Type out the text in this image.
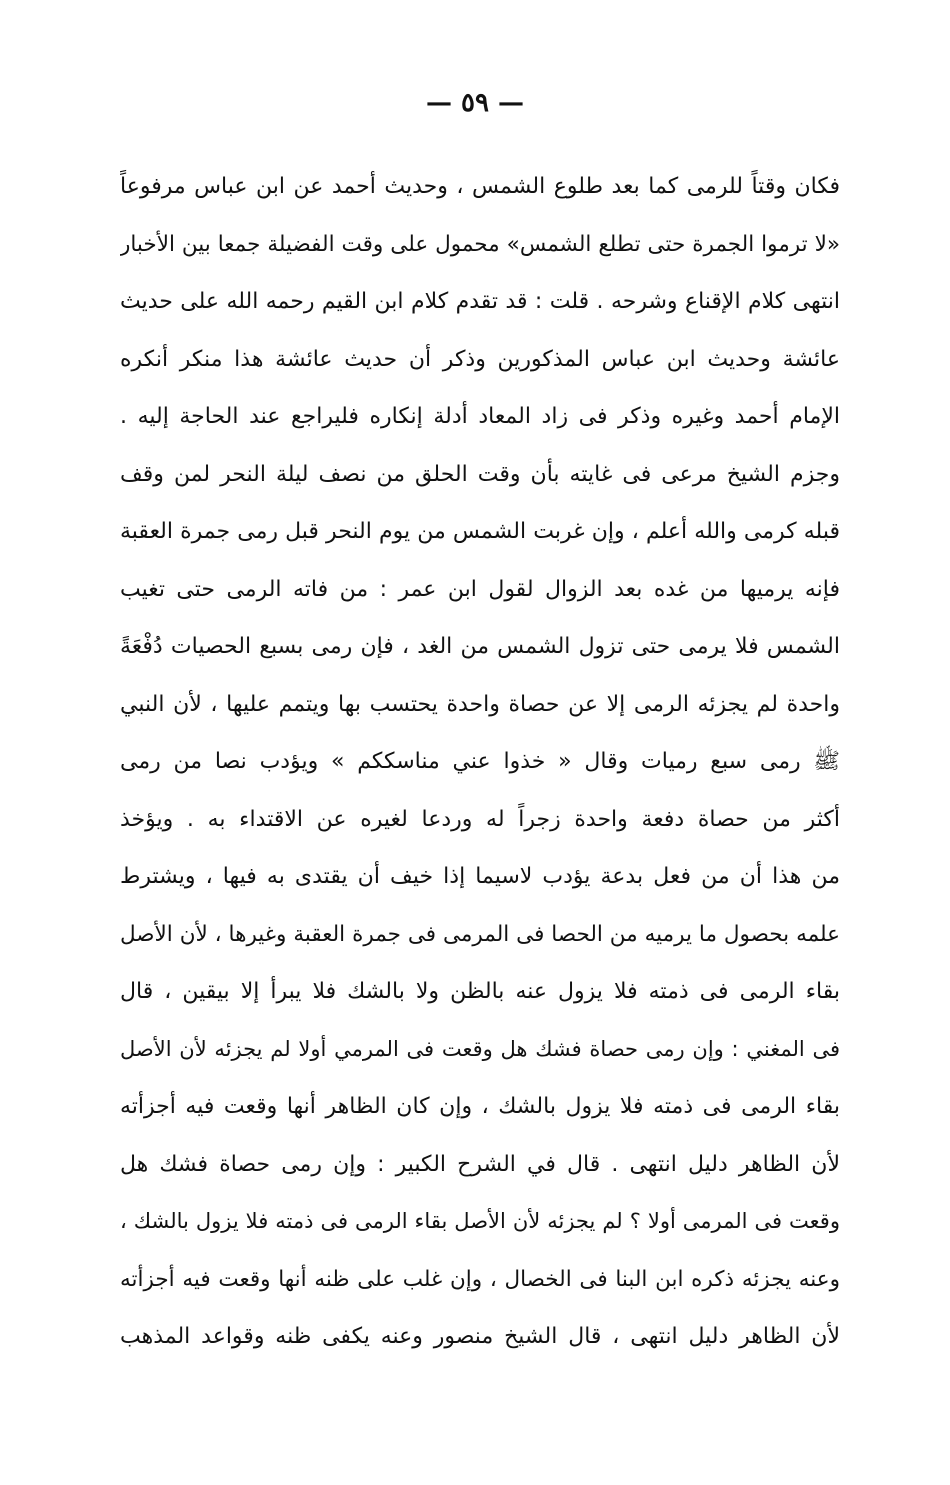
— ٥٩ —
فكان وقتاً للرمى كما بعد طلوع الشمس ، وحديث أحمد عن ابن عباس مرفوعاً
«لا ترموا الجمرة حتى تطلع الشمس» محمول على وقت الفضيلة جمعا بين الأخبار
انتهى كلام الإقناع وشرحه . قلت : قد تقدم كلام ابن القيم رحمه الله على حديث
عائشة وحديث ابن عباس المذكورين وذكر أن حديث عائشة هذا منكر أنكره
الإمام أحمد وغيره وذكر فى زاد المعاد أدلة إنكاره فليراجع عند الحاجة إليه .
وجزم الشيخ مرعى فى غايته بأن وقت الحلق من نصف ليلة النحر لمن وقف
قبله كرمى والله أعلم ، وإن غربت الشمس من يوم النحر قبل رمى جمرة العقبة
فإنه يرميها من غده بعد الزوال لقول ابن عمر : من فاته الرمى حتى تغيب
الشمس فلا يرمى حتى تزول الشمس من الغد ، فإن رمى بسبع الحصيات دُفْعَةً
واحدة لم يجزئه الرمى إلا عن حصاة واحدة يحتسب بها ويتمم عليها ، لأن النبي
ﷺ رمى سبع رميات وقال « خذوا عني مناسككم » ويؤدب نصا من رمى
أكثر من حصاة دفعة واحدة زجراً له وردعا لغيره عن الاقتداء به . ويؤخذ
من هذا أن من فعل بدعة يؤدب لاسيما إذا خيف أن يقتدى به فيها ، ويشترط
علمه بحصول ما يرميه من الحصا فى المرمى فى جمرة العقبة وغيرها ، لأن الأصل
بقاء الرمى فى ذمته فلا يزول عنه بالظن ولا بالشك فلا يبرأ إلا بيقين ، قال
فى المغني : وإن رمى حصاة فشك هل وقعت فى المرمي أولا لم يجزئه لأن الأصل
بقاء الرمى فى ذمته فلا يزول بالشك ، وإن كان الظاهر أنها وقعت فيه أجزأته
لأن الظاهر دليل انتهى . قال في الشرح الكبير : وإن رمى حصاة فشك هل
وقعت فى المرمى أولا ؟ لم يجزئه لأن الأصل بقاء الرمى فى ذمته فلا يزول بالشك ،
وعنه يجزئه ذكره ابن البنا فى الخصال ، وإن غلب على ظنه أنها وقعت فيه أجزأته
لأن الظاهر دليل انتهى ، قال الشيخ منصور وعنه يكفى ظنه وقواعد المذهب
